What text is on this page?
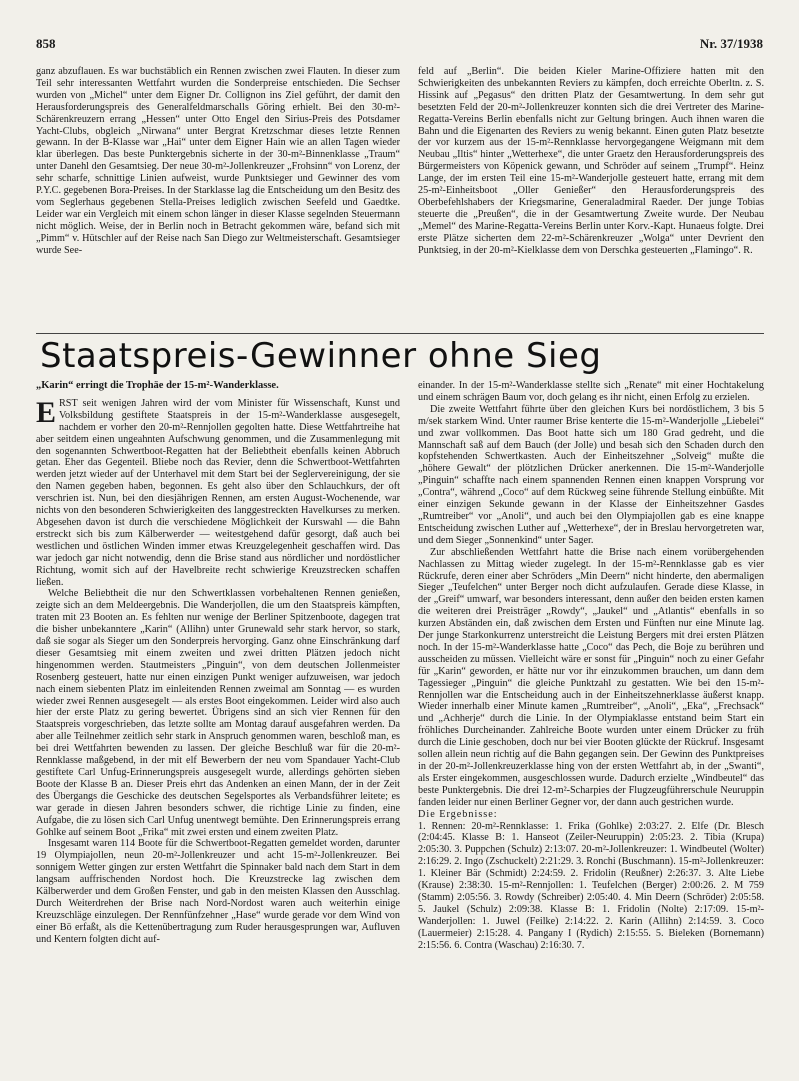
858	Nr. 37/1938

ganz abzuflauen. Es war buchstäblich ein Rennen zwischen zwei Flauten. In dieser zum Teil sehr interessanten Wettfahrt wurden die Sonderpreise entschieden. Die Sechser wurden von „Michel“ unter dem Eigner Dr. Collignon ins Ziel geführt, der damit den Herausforderungspreis des Generalfeldmarschalls Göring erhielt. Bei den 30-m²-Schärenkreuzern errang „Hessen“ unter Otto Engel den Sirius-Preis des Potsdamer Yacht-Clubs, obgleich „Nirwana“ unter Bergrat Kretzschmar dieses letzte Rennen gewann. In der B-Klasse war „Hai“ unter dem Eigner Hain wie an allen Tagen wieder klar überlegen. Das beste Punktergebnis sicherte in der 30-m²-Binnenklasse „Traum“ unter Danehl den Gesamtsieg. Der neue 30-m²-Jollenkreuzer „Frohsinn“ von Lorenz, der sehr scharfe, schnittige Linien aufweist, wurde Punktsieger und Gewinner des vom P.Y.C. gegebenen Bora-Preises. In der Starklasse lag die Entscheidung um den Besitz des vom Seglerhaus gegebenen Stella-Preises lediglich zwischen Seefeld und Gaedtke. Leider war ein Vergleich mit einem schon länger in dieser Klasse segelnden Steuermann nicht möglich. Weise, der in Berlin noch in Betracht gekommen wäre, befand sich mit „Pimm“ v. Hütschler auf der Reise nach San Diego zur Weltmeisterschaft. Gesamtsieger wurde See-

feld auf „Berlin“. Die beiden Kieler Marine-Offiziere hatten mit den Schwierigkeiten des unbekannten Reviers zu kämpfen, doch erreichte Oberltn. z. S. Hissink auf „Pegasus“ den dritten Platz der Gesamtwertung. In dem sehr gut besetzten Feld der 20-m²-Jollenkreuzer konnten sich die drei Vertreter des Marine-Regatta-Vereins Berlin ebenfalls nicht zur Geltung bringen. Auch ihnen waren die Bahn und die Eigenarten des Reviers zu wenig bekannt. Einen guten Platz besetzte der vor kurzem aus der 15-m²-Rennklasse hervorgegangene Weigmann mit dem Neubau „Iltis“ hinter „Wetterhexe“, die unter Graetz den Herausforderungspreis des Bürgermeisters von Köpenick gewann, und Schröder auf seinem „Trumpf“. Heinz Lange, der im ersten Teil eine 15-m²-Wanderjolle gesteuert hatte, errang mit dem 25-m²-Einheitsboot „Oller Genießer“ den Herausforderungspreis des Oberbefehlshabers der Kriegsmarine, Generaladmiral Raeder. Der junge Tobias steuerte die „Preußen“, die in der Gesamtwertung Zweite wurde. Der Neubau „Memel“ des Marine-Regatta-Vereins Berlin unter Korv.-Kapt. Hunaeus folgte. Drei erste Plätze sicherten dem 22-m²-Schärenkreuzer „Wolga“ unter Devrient den Punktsieg, in der 20-m²-Kielklasse dem von Derschka gesteuerten „Flamingo“. R.

Staatspreis-Gewinner ohne Sieg
„Karin“ erringt die Trophäe der 15-m²-Wanderklasse.

ERST seit wenigen Jahren wird der vom Minister für Wissenschaft, Kunst und Volksbildung gestiftete Staatspreis in der 15-m²-Wanderklasse ausgesegelt, nachdem er vorher den 20-m²-Rennjollen gegolten hatte. Diese Wettfahrtreihe hat aber seitdem einen ungeahnten Aufschwung genommen, und die Zusammenlegung mit den sogenannten Schwertboot-Regatten hat der Beliebtheit ebenfalls keinen Abbruch getan. Eher das Gegenteil. Bliebe noch das Revier, denn die Schwertboot-Wettfahrten werden jetzt wieder auf der Unterhavel mit dem Start bei der Seglervereinigung, der sie den Namen gegeben haben, begonnen. Es geht also über den Schlauchkurs, der oft verschrien ist. Nun, bei den diesjährigen Rennen, am ersten August-Wochenende, war nichts von den besonderen Schwierigkeiten des langgestreckten Havelkurses zu merken. Abgesehen davon ist durch die verschiedene Möglichkeit der Kurswahl — die Bahn erstreckt sich bis zum Kälberwerder — weitestgehend dafür gesorgt, daß auch bei westlichen und östlichen Winden immer etwas Kreuzgelegenheit geschaffen wird. Das war jedoch gar nicht notwendig, denn die Brise stand aus nördlicher und nordöstlicher Richtung, womit sich auf der Havelbreite recht schwierige Kreuzstrecken schaffen ließen.

Welche Beliebtheit die nur den Schwertklassen vorbehaltenen Rennen genießen, zeigte sich an dem Meldeergebnis. Die Wanderjollen, die um den Staatspreis kämpften, traten mit 23 Booten an. Es fehlten nur wenige der Berliner Spitzenboote, dagegen trat die bisher unbekanntere „Karin“ (Allihn) unter Grunewald sehr stark hervor, so stark, daß sie sogar als Sieger um den Sonderpreis hervorging. Ganz ohne Einschränkung darf dieser Gesamtsieg mit einem zweiten und zwei dritten Plätzen jedoch nicht hingenommen werden. Stautmeisters „Pinguin“, von dem deutschen Jollenmeister Rosenberg gesteuert, hatte nur einen einzigen Punkt weniger aufzuweisen, war jedoch nach einem siebenten Platz im einleitenden Rennen zweimal am Sonntag — es wurden wieder zwei Rennen ausgesegelt — als erstes Boot eingekommen. Leider wird also auch hier der erste Platz zu gering bewertet. Übrigens sind an sich vier Rennen für den Staatspreis vorgeschrieben, das letzte sollte am Montag darauf ausgefahren werden. Da aber alle Teilnehmer zeitlich sehr stark in Anspruch genommen waren, beschloß man, es bei drei Wettfahrten bewenden zu lassen. Der gleiche Beschluß war für die 20-m²-Rennklasse maßgebend, in der mit elf Bewerbern der neu vom Spandauer Yacht-Club gestiftete Carl Unfug-Erinnerungspreis ausgesegelt wurde, allerdings gehörten sieben Boote der Klasse B an. Dieser Preis ehrt das Andenken an einen Mann, der in der Zeit des Übergangs die Geschicke des deutschen Segelsportes als Verbandsführer leitete; es war gerade in diesen Jahren besonders schwer, die richtige Linie zu finden, eine Aufgabe, die zu lösen sich Carl Unfug unentwegt bemühte. Den Erinnerungspreis errang Gohlke auf seinem Boot „Frika“ mit zwei ersten und einem zweiten Platz.

Insgesamt waren 114 Boote für die Schwertboot-Regatten gemeldet worden, darunter 19 Olympiajollen, neun 20-m²-Jollenkreuzer und acht 15-m²-Jollenkreuzer. Bei sonnigem Wetter gingen zur ersten Wettfahrt die Spinnaker bald nach dem Start in dem langsam auffrischenden Nordost hoch. Die Kreuzstrecke lag zwischen dem Kälberwerder und dem Großen Fenster, und gab in den meisten Klassen den Ausschlag. Durch Weiterdrehen der Brise nach Nord-Nordost waren auch weiterhin einige Kreuzschläge einzulegen. Der Rennfünfzehner „Hase“ wurde gerade vor dem Wind von einer Bö erfaßt, als die Kettenübertragung zum Ruder herausgesprungen war, Aufluven und Kentern folgten dicht auf-

einander. In der 15-m²-Wanderklasse stellte sich „Renate“ mit einer Hochtakelung und einem schrägen Baum vor, doch gelang es ihr nicht, einen Erfolg zu erzielen.

Die zweite Wettfahrt führte über den gleichen Kurs bei nordöstlichem, 3 bis 5 m/sek starkem Wind. Unter raumer Brise kenterte die 15-m²-Wanderjolle „Liebelei“ und zwar vollkommen. Das Boot hatte sich um 180 Grad gedreht, und die Mannschaft saß auf dem Bauch (der Jolle) und besah sich den Schaden durch den kopfstehenden Schwertkasten. Auch der Einheitszehner „Solveig“ mußte die „höhere Gewalt“ der plötzlichen Drücker anerkennen. Die 15-m²-Wanderjolle „Pinguin“ schaffte nach einem spannenden Rennen einen knappen Vorsprung vor „Contra“, während „Coco“ auf dem Rückweg seine führende Stellung einbüßte. Mit einer einzigen Sekunde gewann in der Klasse der Einheitszehner Gasdes „Rumtreiber“ vor „Anoli“, und auch bei den Olympiajollen gab es eine knappe Entscheidung zwischen Luther auf „Wetterhexe“, der in Breslau hervorgetreten war, und dem Sieger „Sonnenkind“ unter Sager.

Zur abschließenden Wettfahrt hatte die Brise nach einem vorübergehenden Nachlassen zu Mittag wieder zugelegt. In der 15-m²-Rennklasse gab es vier Rückrufe, deren einer aber Schröders „Min Deern“ nicht hinderte, den abermaligen Sieger „Teufelchen“ unter Berger noch dicht aufzulaufen. Gerade diese Klasse, in der „Greif“ umwarf, war besonders interessant, denn außer den beiden ersten kamen die weiteren drei Preisträger „Rowdy“, „Jaukel“ und „Atlantis“ ebenfalls in so kurzen Abständen ein, daß zwischen dem Ersten und Fünften nur eine Minute lag. Der junge Starkonkurrenz unterstreicht die Leistung Bergers mit drei ersten Plätzen noch. In der 15-m²-Wanderklasse hatte „Coco“ das Pech, die Boje zu berühren und ausscheiden zu müssen. Vielleicht wäre er sonst für „Pinguin“ noch zu einer Gefahr für „Karin“ geworden, er hätte nur vor ihr einzukommen brauchen, um dann dem Tagessieger „Pinguin“ die gleiche Punktzahl zu gestatten. Wie bei den 15-m²-Rennjollen war die Entscheidung auch in der Einheitszehnerklasse äußerst knapp. Wieder innerhalb einer Minute kamen „Rumtreiber“, „Anoli“, „Eka“, „Frechsack“ und „Achherje“ durch die Linie. In der Olympiaklasse entstand beim Start ein fröhliches Durcheinander. Zahlreiche Boote wurden unter einem Drücker zu früh durch die Linie geschoben, doch nur bei vier Booten glückte der Rückruf. Insgesamt sollen allein neun richtig auf die Bahn gegangen sein. Der Gewinn des Punktpreises in der 20-m²-Jollenkreuzerklasse hing von der ersten Wettfahrt ab, in der „Swanti“, als Erster eingekommen, ausgeschlossen wurde. Dadurch erzielte „Windbeutel“ das beste Punktergebnis. Die drei 12-m²-Scharpies der Flugzeugführerschule Neuruppin fanden leider nur einen Berliner Gegner vor, der dann auch gestrichen wurde.

Die Ergebnisse:

1. Rennen: 20-m²-Rennklasse: 1. Frika (Gohlke) 2:03:27. 2. Elfe (Dr. Blesch (2:04:45. Klasse B: 1. Hanseot (Zeiler-Neuruppin) 2:05:23. 2. Tibia (Krupa) 2:05:30. 3. Puppchen (Schulz) 2:13:07. 20-m²-Jollenkreuzer: 1. Windbeutel (Wolter) 2:16:29. 2. Ingo (Zschuckelt) 2:21:29. 3. Ronchi (Buschmann). 15-m²-Jollenkreuzer: 1. Kleiner Bär (Schmidt) 2:24:59. 2. Fridolin (Reußner) 2:26:37. 3. Alte Liebe (Krause) 2:38:30. 15-m²-Rennjollen: 1. Teufelchen (Berger) 2:00:26. 2. M 759 (Stamm) 2:05:56. 3. Rowdy (Schreiber) 2:05:40. 4. Min Deern (Schröder) 2:05:58. 5. Jaukel (Schulz) 2:09:38. Klasse B: 1. Fridolin (Nolte) 2:17:09. 15-m²-Wanderjollen: 1. Juwel (Feilke) 2:14:22. 2. Karin (Allihn) 2:14:59. 3. Coco (Lauermeier) 2:15:28. 4. Pangany I (Rydich) 2:15:55. 5. Bieleken (Bornemann) 2:15:56. 6. Contra (Waschau) 2:16:30. 7.
